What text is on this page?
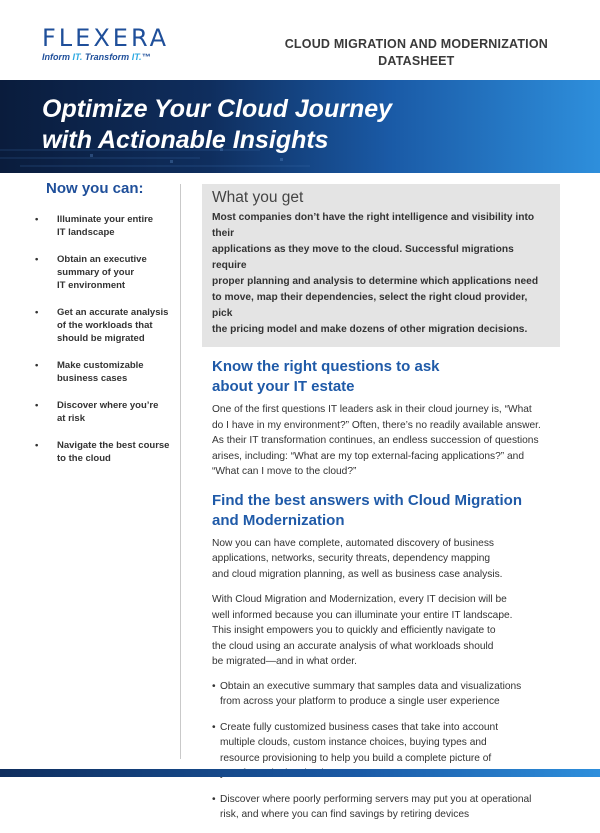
FLEXERA
Inform IT. Transform IT.™
CLOUD MIGRATION AND MODERNIZATION
DATASHEET
Optimize Your Cloud Journey
with Actionable Insights
Now you can:
• Illuminate your entire
IT landscape
• Obtain an executive
summary of your
IT environment
• Get an accurate analysis
of the workloads that
should be migrated
• Make customizable
business cases
• Discover where you’re
at risk
• Navigate the best course
to the cloud
What you get
Most companies don’t have the right intelligence and visibility into their
applications as they move to the cloud. Successful migrations require
proper planning and analysis to determine which applications need
to move, map their dependencies, select the right cloud provider, pick
the pricing model and make dozens of other migration decisions.
Know the right questions to ask
about your IT estate
One of the first questions IT leaders ask in their cloud journey is, “What
do I have in my environment?” Often, there’s no readily available answer.
As their IT transformation continues, an endless succession of questions
arises, including: “What are my top external-facing applications?” and
“What can I move to the cloud?”
Find the best answers with Cloud Migration
and Modernization
Now you can have complete, automated discovery of business
applications, networks, security threats, dependency mapping
and cloud migration planning, as well as business case analysis.
With Cloud Migration and Modernization, every IT decision will be
well informed because you can illuminate your entire IT landscape.
This insight empowers you to quickly and efficiently navigate to
the cloud using an accurate analysis of what workloads should
be migrated—and in what order.
• Obtain an executive summary that samples data and visualizations
from across your platform to produce a single user experience
• Create fully customized business cases that take into account
multiple clouds, custom instance choices, buying types and
resource provisioning to help you build a complete picture of
• Discover where poorly performing servers may put you at operational
risk, and where you can find savings by retiring devices
